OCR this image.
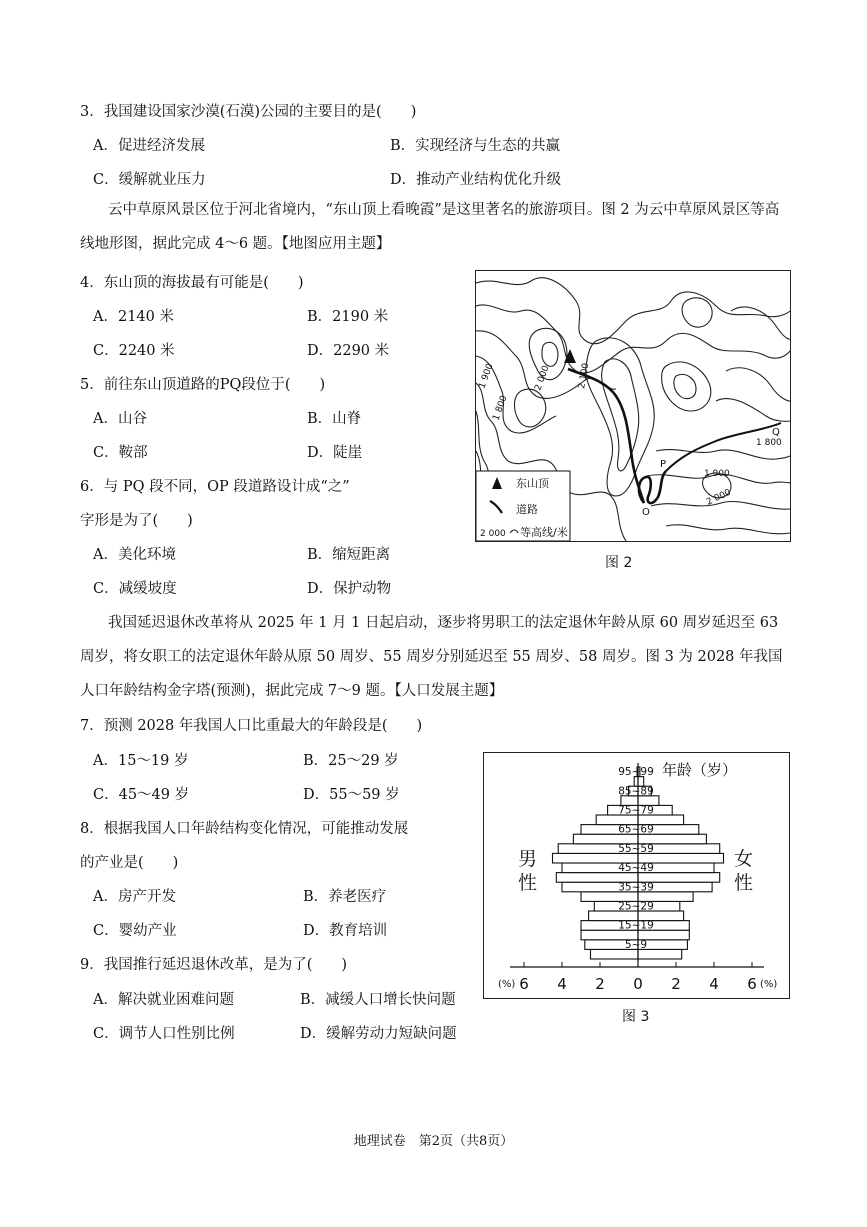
3．我国建设国家沙漠(石漠)公园的主要目的是(　　)
A．促进经济发展	B．实现经济与生态的共赢
C．缓解就业压力	D．推动产业结构优化升级
云中草原风景区位于河北省境内，“东山顶上看晚霞”是这里著名的旅游项目。图 2 为云中草原风景区等高线地形图，据此完成 4～6 题。【地图应用主题】
4．东山顶的海拔最有可能是(　　)
A．2140 米	B．2190 米
C．2240 米	D．2290 米
5．前往东山顶道路的PQ段位于(　　)
A．山谷	B．山脊
C．鞍部	D．陡崖
6．与 PQ 段不同，OP 段道路设计成“之”
字形是为了(　　)
A．美化环境	B．缩短距离
C．减缓坡度	D．保护动物
1 900
1 800
2 000	2 100
P
Q
O
1 800
1 900
2 000
东山顶
道路
2 000 等高线/米
图 2
我国延迟退休改革将从 2025 年 1 月 1 日起启动，逐步将男职工的法定退休年龄从原 60 周岁延迟至 63 周岁，将女职工的法定退休年龄从原 50 周岁、55 周岁分别延迟至 55 周岁、58 周岁。图 3 为 2028 年我国人口年龄结构金字塔(预测)，据此完成 7～9 题。【人口发展主题】
7．预测 2028 年我国人口比重最大的年龄段是(　　)
A．15～19 岁	B．25～29 岁
C．45～49 岁	D．55～59 岁
8．根据我国人口年龄结构变化情况，可能推动发展
的产业是(　　)
A．房产开发	B．养老医疗
C．婴幼产业	D．教育培训
9．我国推行延迟退休改革，是为了(　　)
A．解决就业困难问题	B．减缓人口增长快问题
C．调节人口性别比例	D．缓解劳动力短缺问题
95~99
85~89
75~79
65~69
55~59
45~49
35~39
25~29
15~19
5~9
6 4 2 0 2 4 6
年龄（岁）
男
性
女
性
(%)	(%)
图 3
地理试卷　第2页（共8页）
